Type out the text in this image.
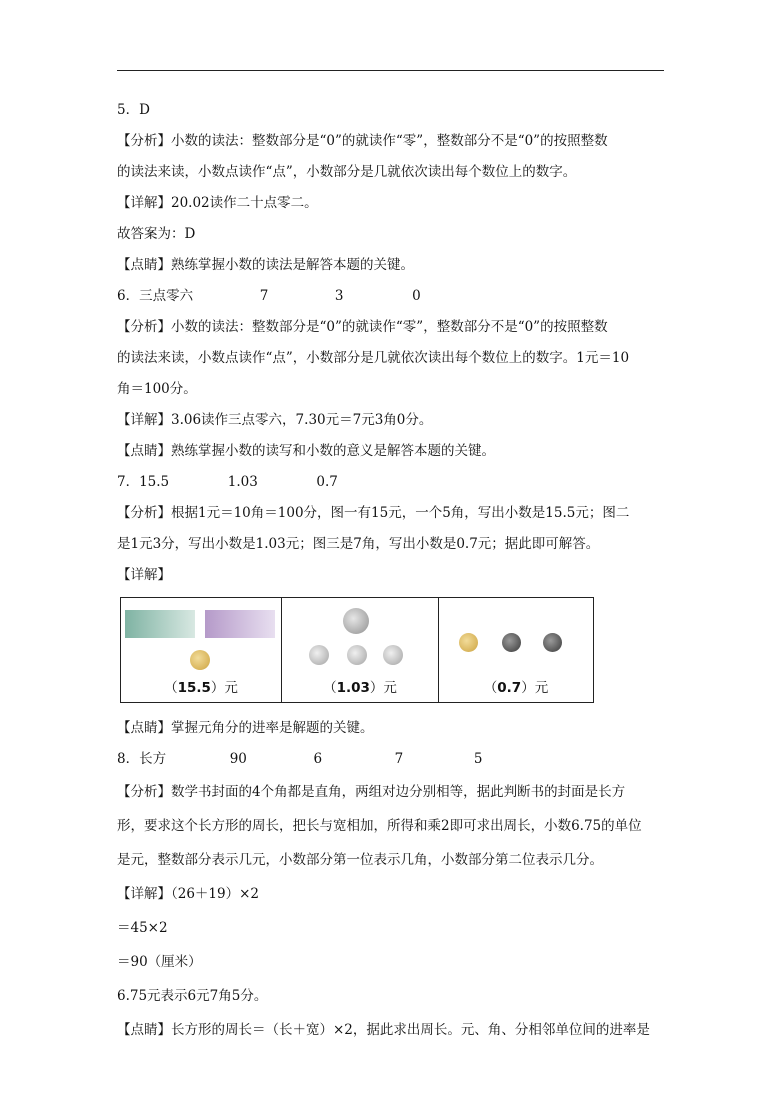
5．D
【分析】小数的读法：整数部分是“0”的就读作“零”，整数部分不是“0”的按照整数
的读法来读，小数点读作“点”，小数部分是几就依次读出每个数位上的数字。
【详解】20.02读作二十点零二。
故答案为：D
【点睛】熟练掌握小数的读法是解答本题的关键。
6．三点零六	7	3	0
【分析】小数的读法：整数部分是“0”的就读作“零”，整数部分不是“0”的按照整数
的读法来读，小数点读作“点”，小数部分是几就依次读出每个数位上的数字。1元＝10
角＝100分。
【详解】3.06读作三点零六，7.30元＝7元3角0分。
【点睛】熟练掌握小数的读写和小数的意义是解答本题的关键。
7．15.5	1.03	0.7
【分析】根据1元＝10角＝100分，图一有15元，一个5角，写出小数是15.5元；图二
是1元3分，写出小数是1.03元；图三是7角，写出小数是0.7元；据此即可解答。
【详解】
（15.5）元	（1.03）元	（0.7）元
【点睛】掌握元角分的进率是解题的关键。
8．长方	90	6	7	5
【分析】数学书封面的4个角都是直角，两组对边分别相等，据此判断书的封面是长方
形，要求这个长方形的周长，把长与宽相加，所得和乘2即可求出周长，小数6.75的单位
是元，整数部分表示几元，小数部分第一位表示几角，小数部分第二位表示几分。
【详解】（26＋19）×2
＝45×2
＝90（厘米）
6.75元表示6元7角5分。
【点睛】长方形的周长＝（长＋宽）×2，据此求出周长。元、角、分相邻单位间的进率是
